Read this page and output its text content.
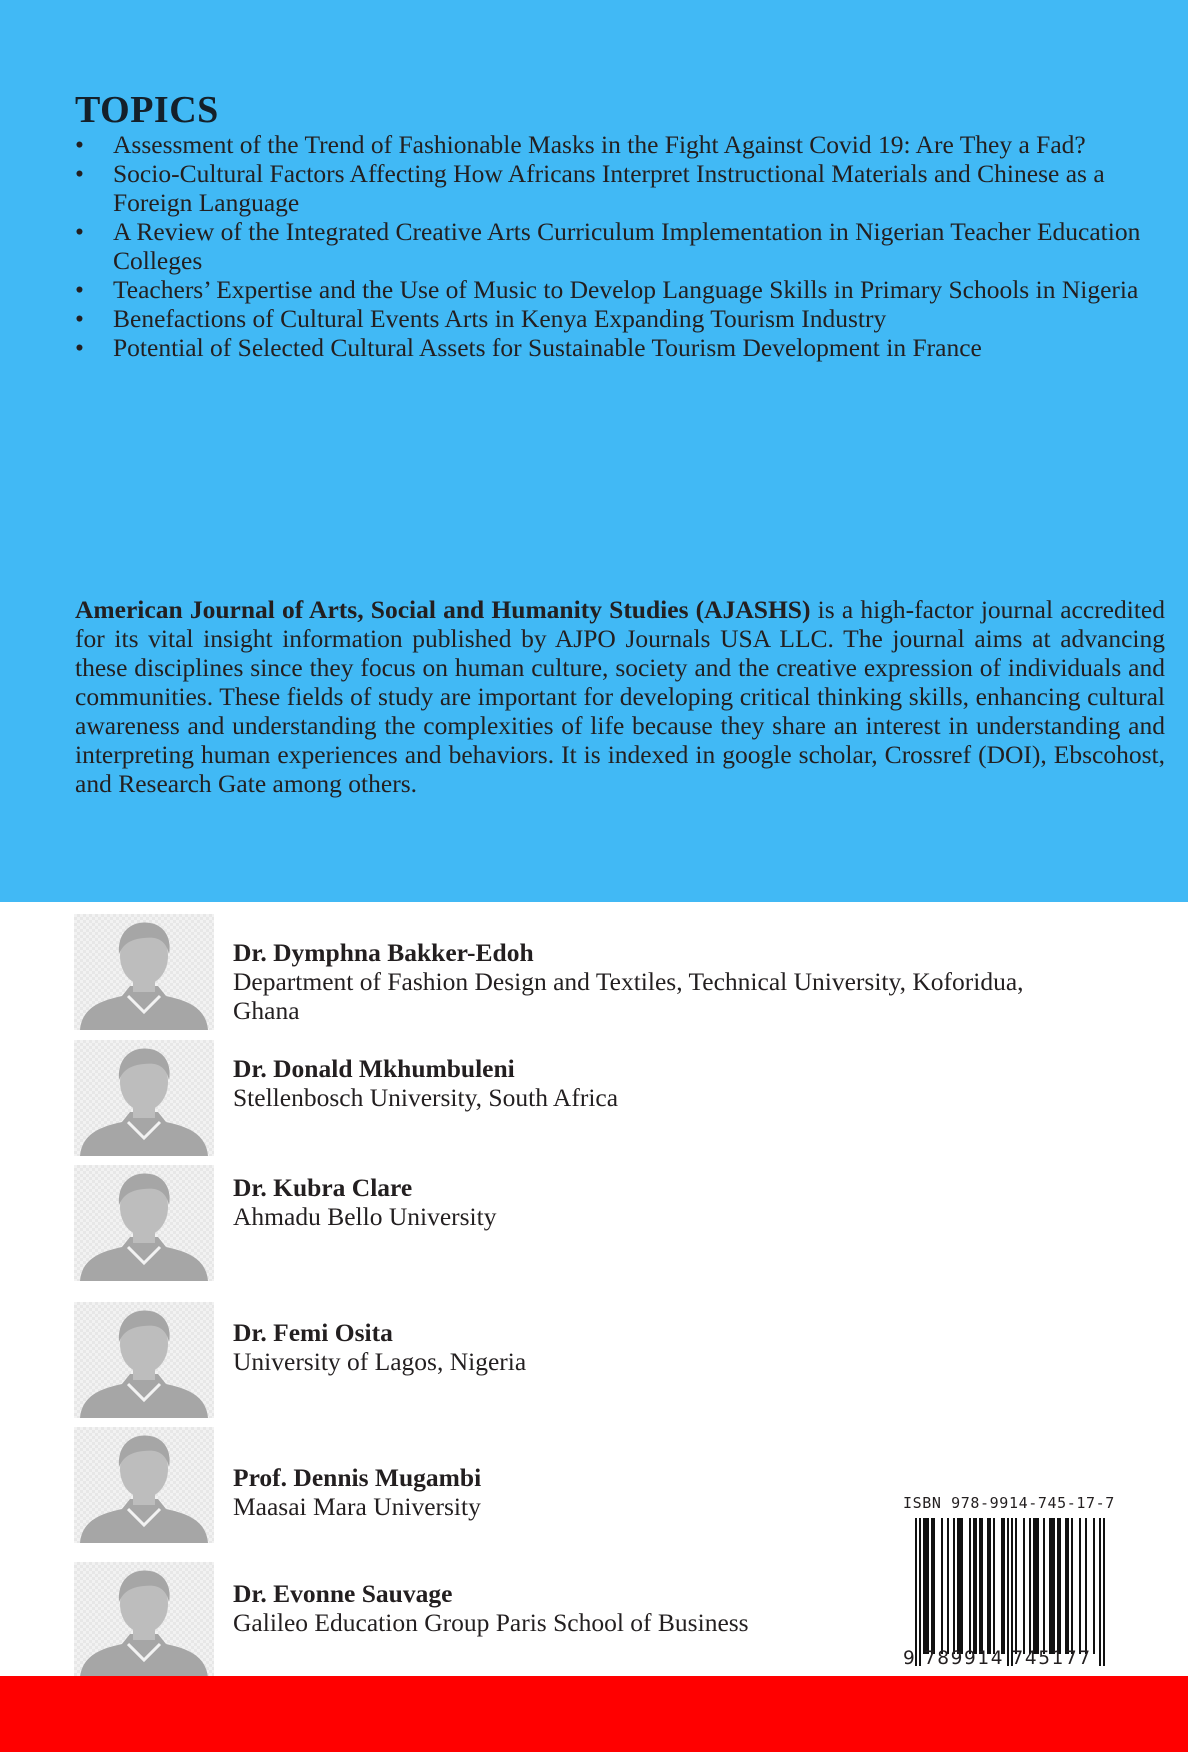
TOPICS
• Assessment of the Trend of Fashionable Masks in the Fight Against Covid 19: Are They a Fad?
• Socio-Cultural Factors Affecting How Africans Interpret Instructional Materials and Chinese as a Foreign Language
• A Review of the Integrated Creative Arts Curriculum Implementation in Nigerian Teacher Education Colleges
• Teachers’ Expertise and the Use of Music to Develop Language Skills in Primary Schools in Nigeria
• Benefactions of Cultural Events Arts in Kenya Expanding Tourism Industry
• Potential of Selected Cultural Assets for Sustainable Tourism Development in France

American Journal of Arts, Social and Humanity Studies (AJASHS) is a high-factor journal accredited for its vital insight information published by AJPO Journals USA LLC. The journal aims at advancing these disciplines since they focus on human culture, society and the creative expression of individuals and communities. These fields of study are important for developing critical thinking skills, enhancing cultural awareness and understanding the complexities of life because they share an interest in understanding and interpreting human experiences and behaviors. It is indexed in google scholar, Crossref (DOI), Ebscohost, and Research Gate among others.

Dr. Dymphna Bakker-Edoh
Department of Fashion Design and Textiles, Technical University, Koforidua, Ghana
Dr. Donald Mkhumbuleni
Stellenbosch University, South Africa
Dr. Kubra Clare
Ahmadu Bello University
Dr. Femi Osita
University of Lagos, Nigeria
Prof. Dennis Mugambi
Maasai Mara University
Dr. Evonne Sauvage
Galileo Education Group Paris School of Business
ISBN 978-9914-745-17-7
9 789914 745177
